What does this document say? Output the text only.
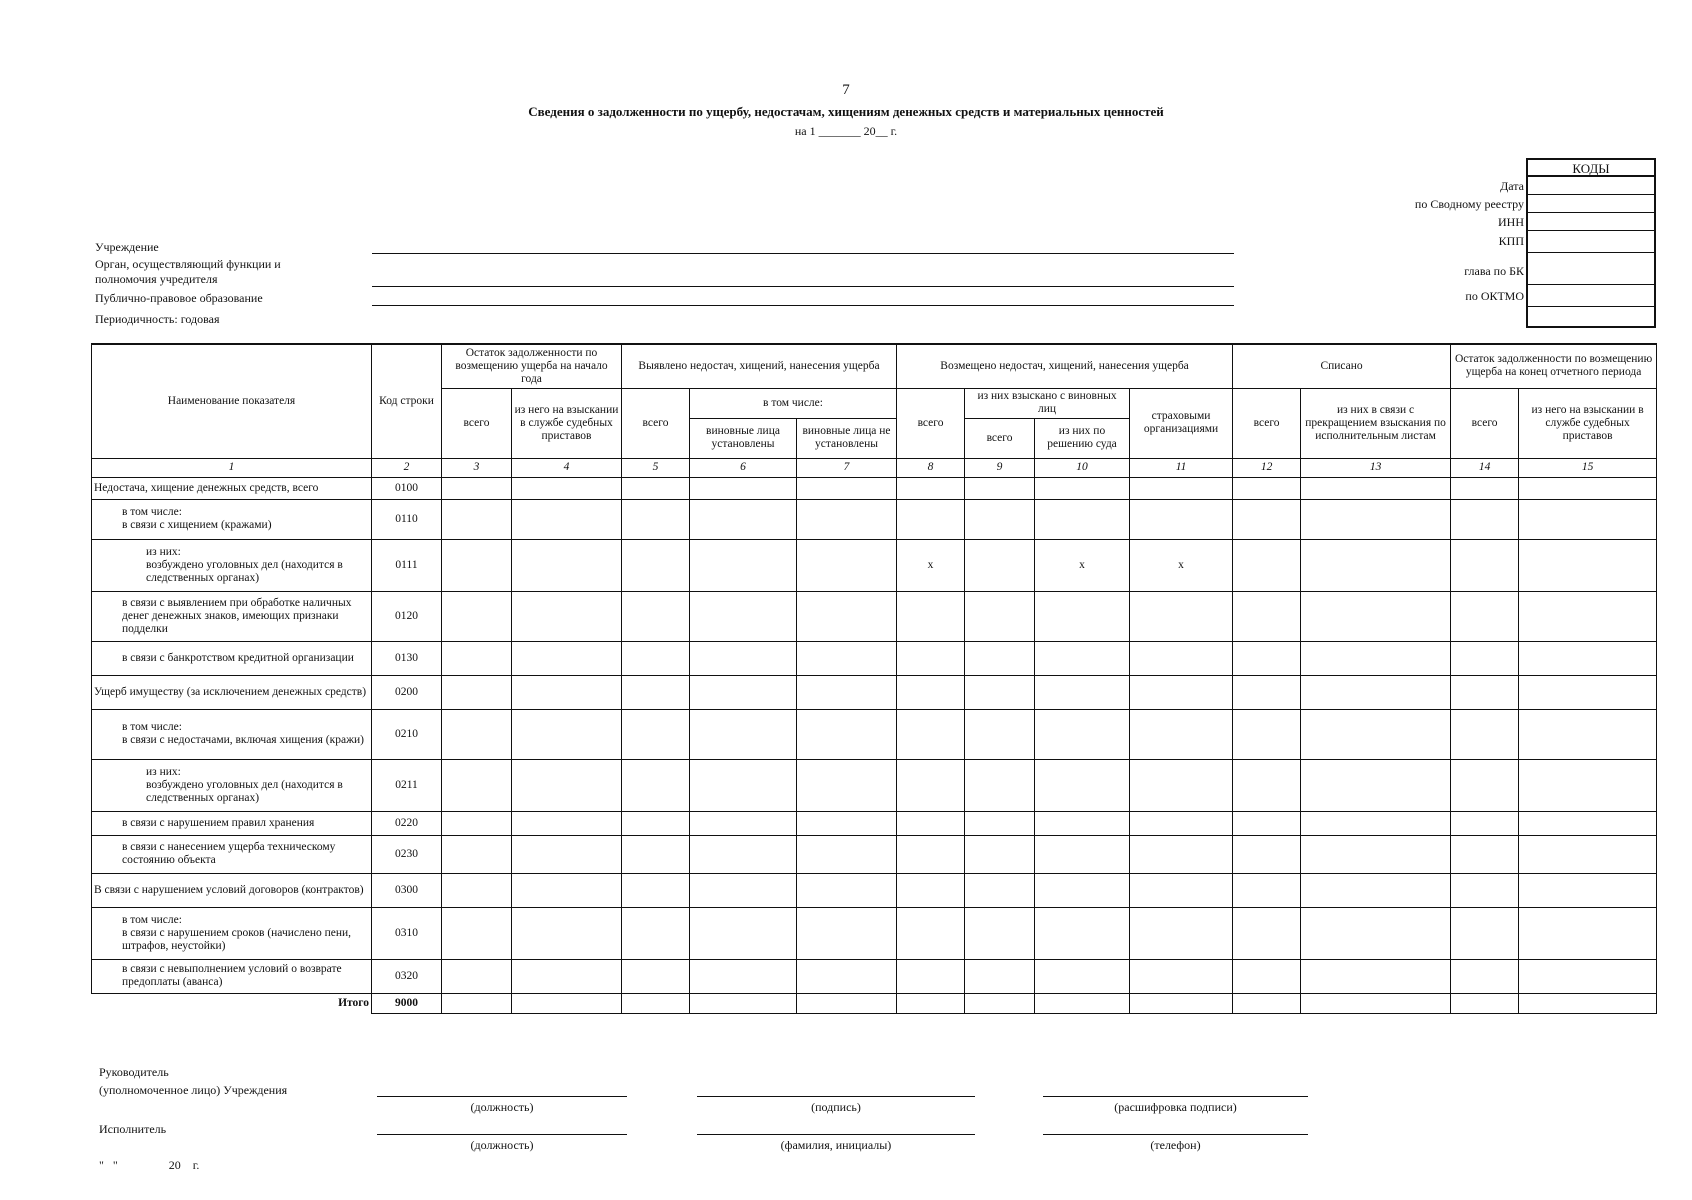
7
Сведения о задолженности по ущербу, недостачам, хищениям денежных средств и материальных ценностей
на 1 _______ 20__ г.
КОДЫ
Дата
по Сводному реестру
ИНН
КПП
глава по БК
по ОКТМО
Учреждение
Орган, осуществляющий функции и полномочия учредителя
Публично-правовое образование
Периодичность: годовая
Наименование показателя	Код строки	Остаток задолженности по возмещению ущерба на начало года		Выявлено недостач, хищений, нанесения ущерба			Возмещено недостач, хищений, нанесения ущерба				Списано		Остаток задолженности по возмещению ущерба на конец отчетного периода	
		всего	из него на взыскании в службе судебных приставов	всего	в том числе:		всего	из них взыскано с виновных лиц		страховыми организациями	всего	из них в связи с прекращением взыскания по исполнительным листам	всего	из него на взыскании в службе судебных приставов
					виновные лица установлены	виновные лица не установлены		всего	из них по решению суда					
1	2	3	4	5	6	7	8	9	10	11	12	13	14	15

Недостача, хищение денежных средств, всего	0100													

в том числе:
в связи с хищением (кражами)	0110													

из них:
возбуждено уголовных дел (находится в следственных органах)	0111						x		x	x				

в связи с выявлением при обработке наличных денег денежных знаков, имеющих признаки подделки	0120													

в связи с банкротством кредитной организации	0130													

Ущерб имуществу (за исключением денежных средств)	0200													

в том числе:
в связи с недостачами, включая хищения (кражи)	0210													

из них:
возбуждено уголовных дел (находится в следственных органах)	0211													

в связи с нарушением правил хранения	0220													

в связи с нанесением ущерба техническому состоянию объекта	0230													

В связи с нарушением условий договоров (контрактов)	0300													

в том числе:
в связи с нарушением сроков (начислено пени, штрафов, неустойки)	0310													

в связи с невыполнением условий о возврате предоплаты (аванса)	0320													
Итого	9000													
Руководитель
(уполномоченное лицо) Учреждения
(должность)	(подпись)	(расшифровка подписи)
Исполнитель
(должность)	(фамилия, инициалы)	(телефон)
"   "                 20    г.
